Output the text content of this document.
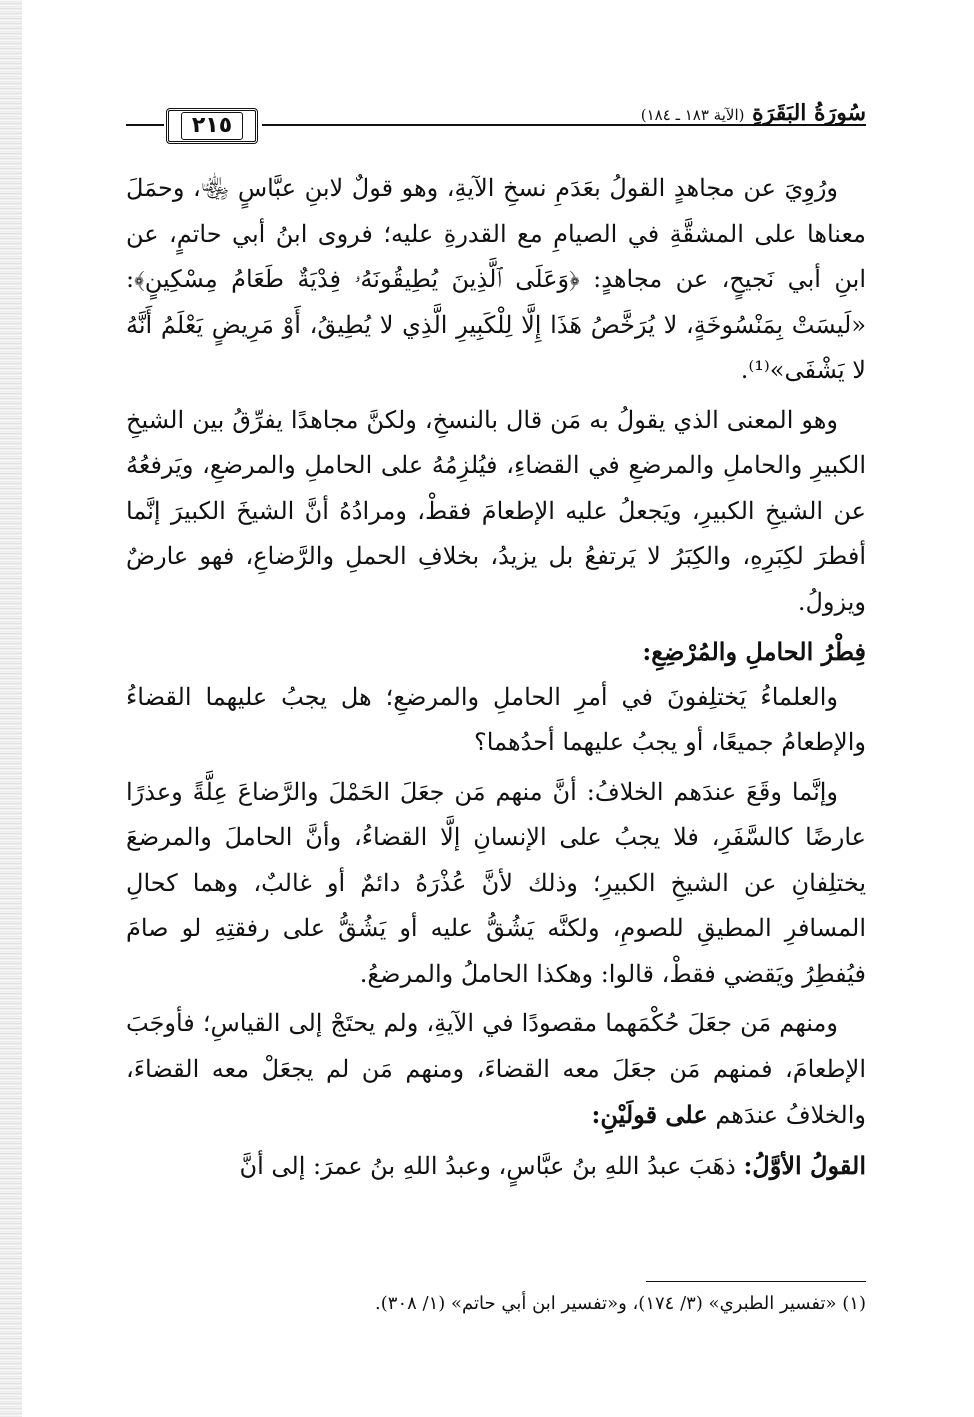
٢١٥	سُورَةُ البَقَرَةِ (الآية ١٨٣ ـ ١٨٤)

ورُوِيَ عن مجاهدٍ القولُ بعَدَمِ نسخِ الآيةِ، وهو قولٌ لابنِ عبَّاسٍ ﵄، وحمَلَ معناها على المشقَّةِ في الصيامِ مع القدرةِ عليه؛ فروى ابنُ أبي حاتمٍ، عن ابنِ أبي نَجيحٍ، عن مجاهدٍ: ﴿وَعَلَى ٱلَّذِينَ يُطِيقُونَهُۥ فِدْيَةٌ طَعَامُ مِسْكِينٍ﴾: «لَيسَتْ بِمَنْسُوخَةٍ، لا يُرَخَّصُ هَذَا إِلَّا لِلْكَبِيرِ الَّذِي لا يُطِيقُ، أَوْ مَرِيضٍ يَعْلَمُ أَنَّهُ لا يَشْفَى»⁽¹⁾.

وهو المعنى الذي يقولُ به مَن قال بالنسخِ، ولكنَّ مجاهدًا يفرِّقُ بين الشيخِ الكبيرِ والحاملِ والمرضعِ في القضاءِ، فيُلزِمُهُ على الحاملِ والمرضعِ، ويَرفعُهُ عن الشيخِ الكبيرِ، ويَجعلُ عليه الإطعامَ فقطْ، ومرادُهُ أنَّ الشيخَ الكبيرَ إنَّما أفطرَ لكِبَرِهِ، والكِبَرُ لا يَرتفعُ بل يزيدُ، بخلافِ الحملِ والرَّضاعِ، فهو عارضٌ ويزولُ.

فِطْرُ الحاملِ والمُرْضِعِ:

والعلماءُ يَختلِفونَ في أمرِ الحاملِ والمرضعِ؛ هل يجبُ عليهما القضاءُ والإطعامُ جميعًا، أو يجبُ عليهما أحدُهما؟

وإنَّما وقَعَ عندَهم الخلافُ: أنَّ منهم مَن جعَلَ الحَمْلَ والرَّضاعَ عِلَّةً وعذرًا عارضًا كالسَّفَرِ، فلا يجبُ على الإنسانِ إلَّا القضاءُ، وأنَّ الحاملَ والمرضعَ يختلِفانِ عن الشيخِ الكبيرِ؛ وذلك لأنَّ عُذْرَهُ دائمٌ أو غالبٌ، وهما كحالِ المسافرِ المطيقِ للصومِ، ولكنَّه يَشُقُّ عليه أو يَشُقُّ على رفقتِهِ لو صامَ فيُفطِرُ ويَقضي فقطْ، قالوا: وهكذا الحاملُ والمرضعُ.

ومنهم مَن جعَلَ حُكْمَهما مقصودًا في الآيةِ، ولم يحتَجْ إلى القياسِ؛ فأوجَبَ الإطعامَ، فمنهم مَن جعَلَ معه القضاءَ، ومنهم مَن لم يجعَلْ معه القضاءَ، والخلافُ عندَهم على قولَيْنِ:

القولُ الأوَّلُ: ذهَبَ عبدُ اللهِ بنُ عبَّاسٍ، وعبدُ اللهِ بنُ عمرَ: إلى أنَّ

(١) «تفسير الطبري» (٣/ ١٧٤)، و«تفسير ابن أبي حاتم» (١/ ٣٠٨).
